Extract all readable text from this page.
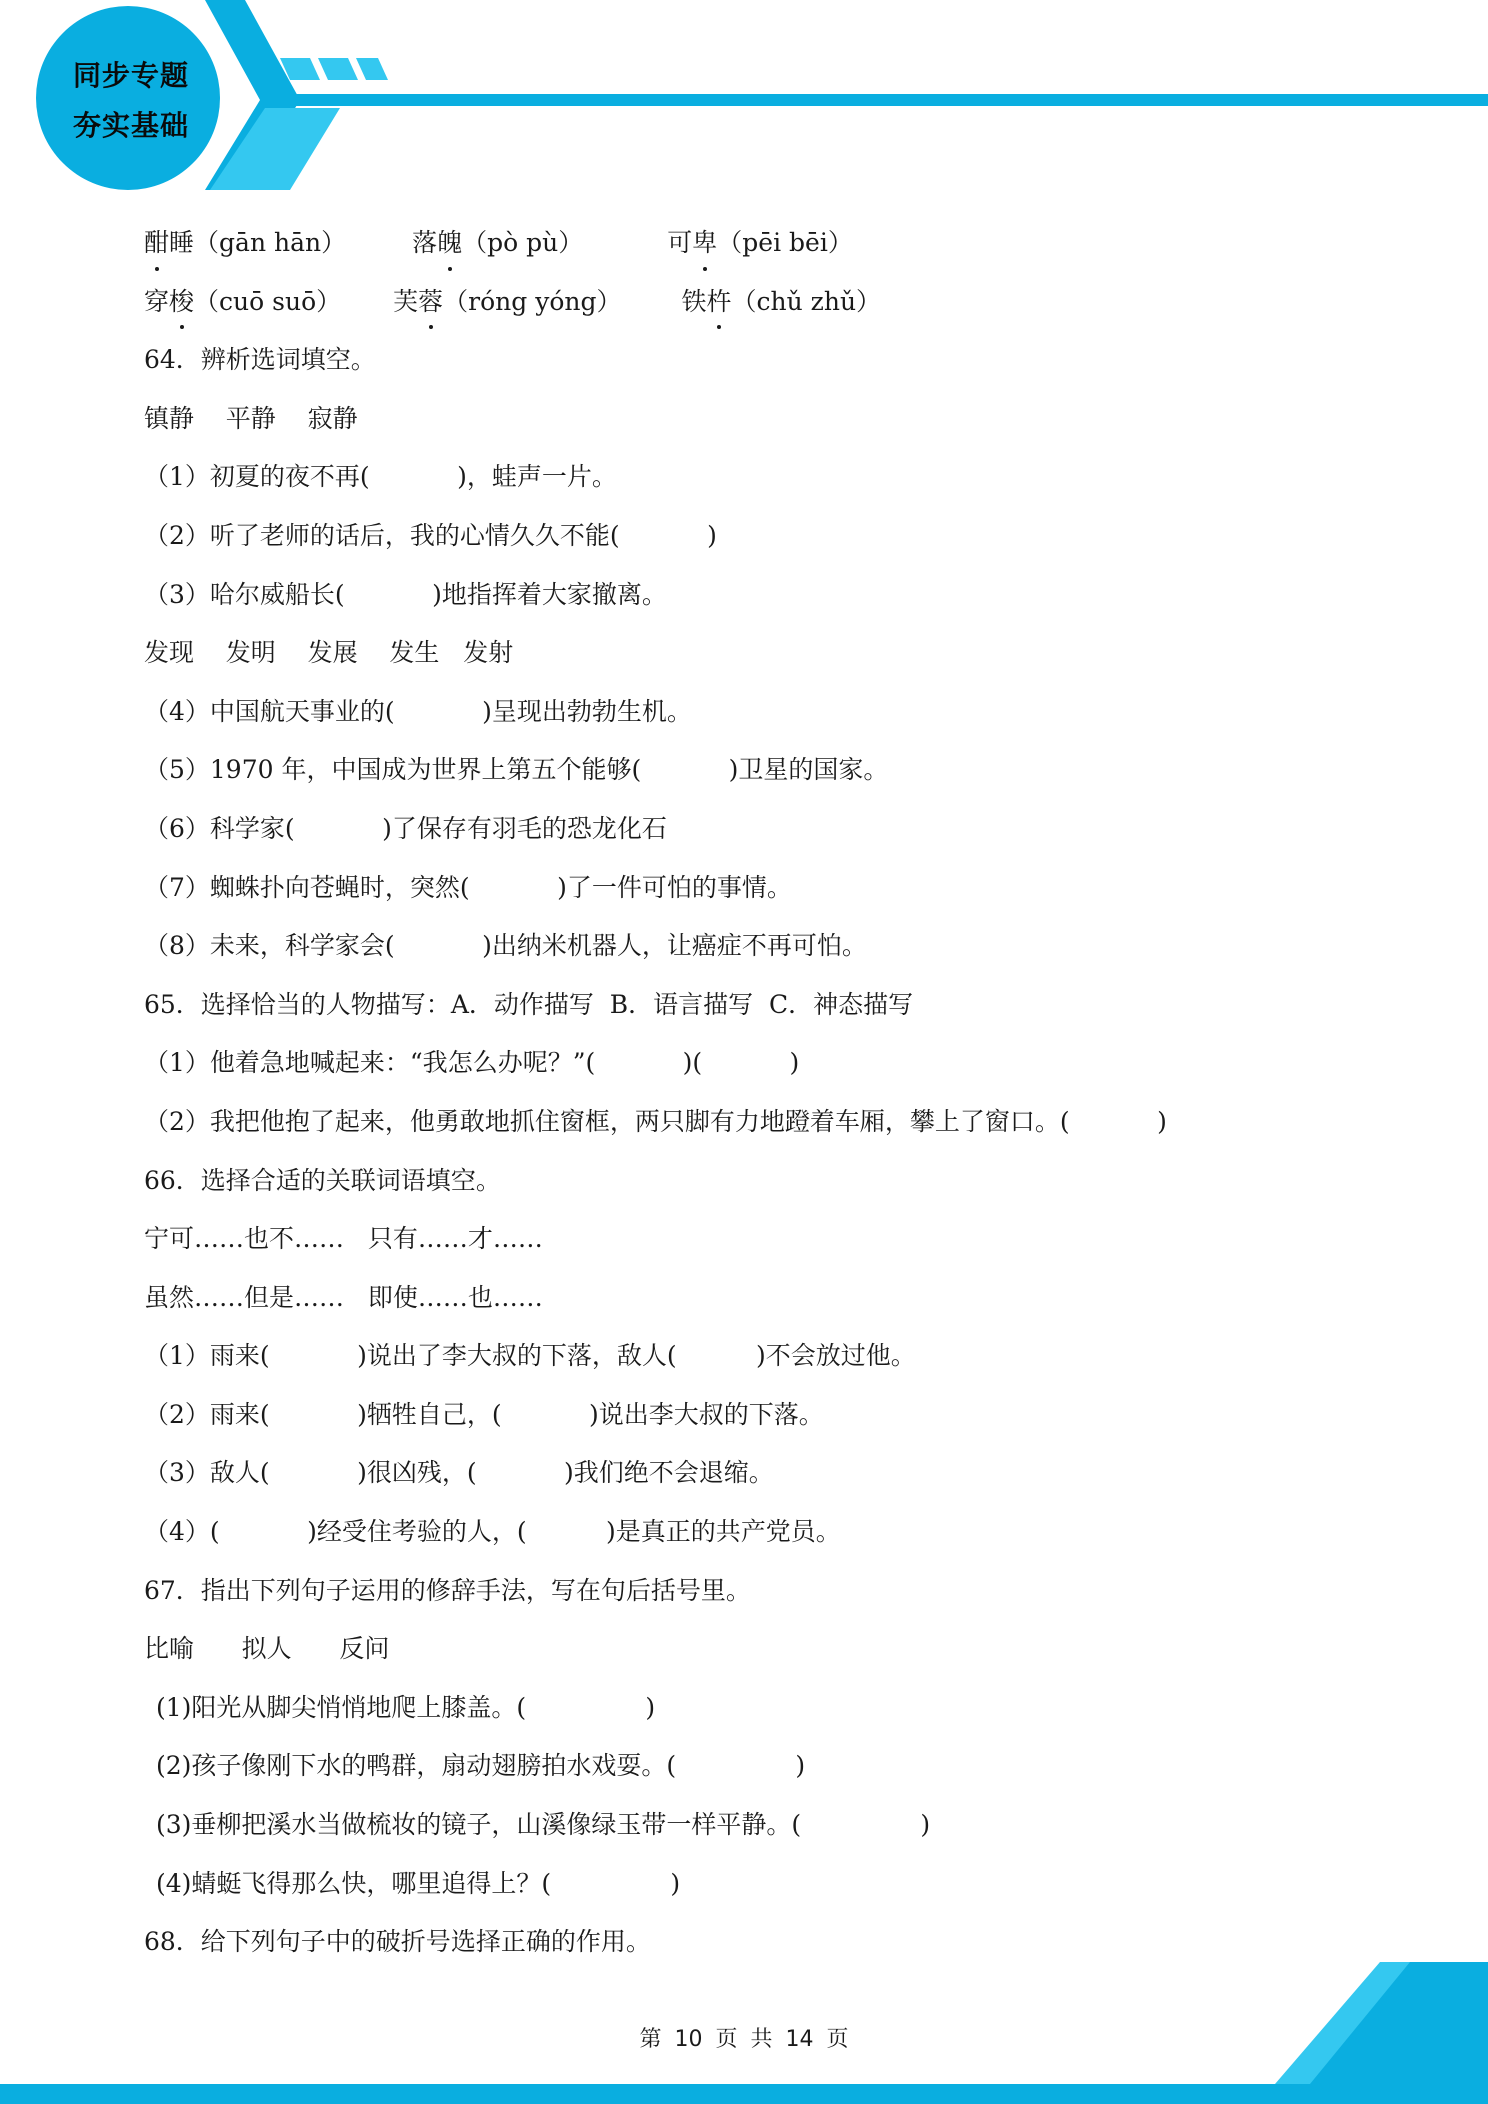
同步专题
夯实基础
酣睡（gān hān）	落魄（pò pù）	可卑（pēi bēi）
穿梭（cuō suō） 芙蓉（róng yóng） 铁杵（chǔ zhǔ）
64．辨析选词填空。
镇静    平静    寂静
（1）初夏的夜不再(           )，蛙声一片。
（2）听了老师的话后，我的心情久久不能(           )
（3）哈尔威船长(           )地指挥着大家撤离。
发现    发明    发展    发生   发射
（4）中国航天事业的(           )呈现出勃勃生机。
（5）1970 年，中国成为世界上第五个能够(           )卫星的国家。
（6）科学家(           )了保存有羽毛的恐龙化石
（7）蜘蛛扑向苍蝇时，突然(           )了一件可怕的事情。
（8）未来，科学家会(           )出纳米机器人，让癌症不再可怕。
65．选择恰当的人物描写：A．动作描写  B．语言描写  C．神态描写
（1）他着急地喊起来：“我怎么办呢？”(           )(           )
（2）我把他抱了起来，他勇敢地抓住窗框，两只脚有力地蹬着车厢，攀上了窗口。(           )
66．选择合适的关联词语填空。
宁可……也不……   只有……才……
虽然……但是……   即使……也……
（1）雨来(           )说出了李大叔的下落，敌人(          )不会放过他。
（2）雨来(           )牺牲自己，(           )说出李大叔的下落。
（3）敌人(           )很凶残，(           )我们绝不会退缩。
（4）(           )经受住考验的人，(          )是真正的共产党员。
67．指出下列句子运用的修辞手法，写在句后括号里。
比喻      拟人      反问
(1)阳光从脚尖悄悄地爬上膝盖。(               )
(2)孩子像刚下水的鸭群，扇动翅膀拍水戏耍。(               )
(3)垂柳把溪水当做梳妆的镜子，山溪像绿玉带一样平静。(               )
(4)蜻蜓飞得那么快，哪里追得上？(               )
68．给下列句子中的破折号选择正确的作用。
第 10 页 共 14 页
